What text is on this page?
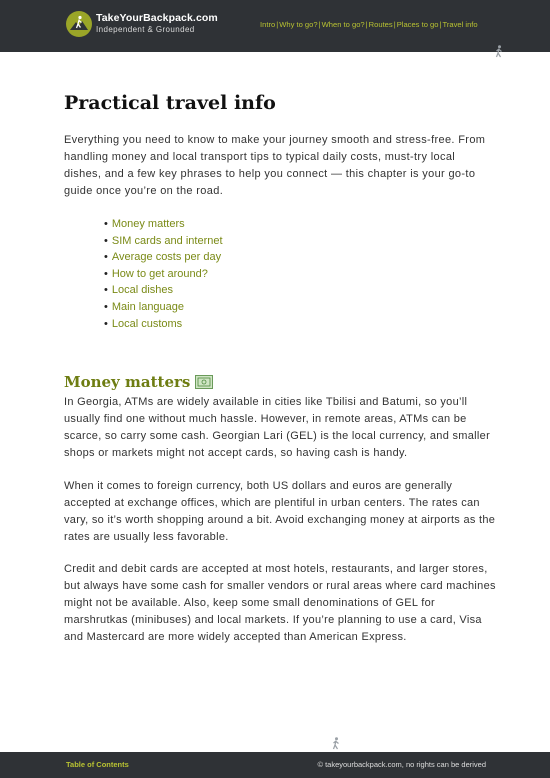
TakeYourBackpack.com
Independent & Grounded
Intro|Why to go?|When to go?|Routes|Places to go|Travel info
Practical travel info

Everything you need to know to make your journey smooth and stress-free. From handling money and local transport tips to typical daily costs, must-try local dishes, and a few key phrases to help you connect — this chapter is your go-to guide once you’re on the road.

• Money matters
• SIM cards and internet
• Average costs per day
• How to get around?
• Local dishes
• Main language
• Local customs
Money matters

In Georgia, ATMs are widely available in cities like Tbilisi and Batumi, so you’ll usually find one without much hassle. However, in remote areas, ATMs can be scarce, so carry some cash. Georgian Lari (GEL) is the local currency, and smaller shops or markets might not accept cards, so having cash is handy.

When it comes to foreign currency, both US dollars and euros are generally accepted at exchange offices, which are plentiful in urban centers. The rates can vary, so it’s worth shopping around a bit. Avoid exchanging money at airports as the rates are usually less favorable.

Credit and debit cards are accepted at most hotels, restaurants, and larger stores, but always have some cash for smaller vendors or rural areas where card machines might not be available. Also, keep some small denominations of GEL for marshrutkas (minibuses) and local markets. If you’re planning to use a card, Visa and Mastercard are more widely accepted than American Express.

Table of Contents	© takeyourbackpack.com, no rights can be derived
